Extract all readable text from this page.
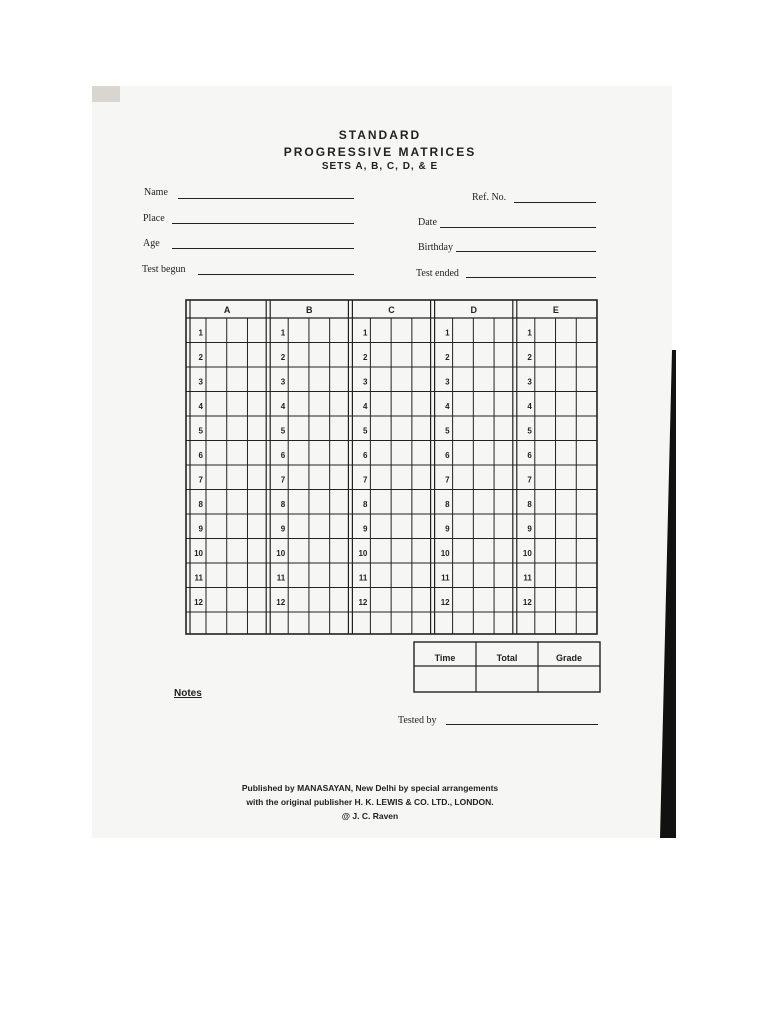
STANDARD
PROGRESSIVE MATRICES
SETS A, B, C, D, & E
Name
Place
Age
Test begun
Ref. No.
Date
Birthday
Test ended
A
1
2
3
4
5
6
7
8
9
10
11
12
B
1
2
3
4
5
6
7
8
9
10
11
12
C
1
2
3
4
5
6
7
8
9
10
11
12
D
1
2
3
4
5
6
7
8
9
10
11
12
E
1
2
3
4
5
6
7
8
9
10
11
12
Time	Total	Grade
Notes
Tested by
Published by MANASAYAN, New Delhi by special arrangements
with the original publisher H. K. LEWIS & CO. LTD., LONDON.
@ J. C. Raven
